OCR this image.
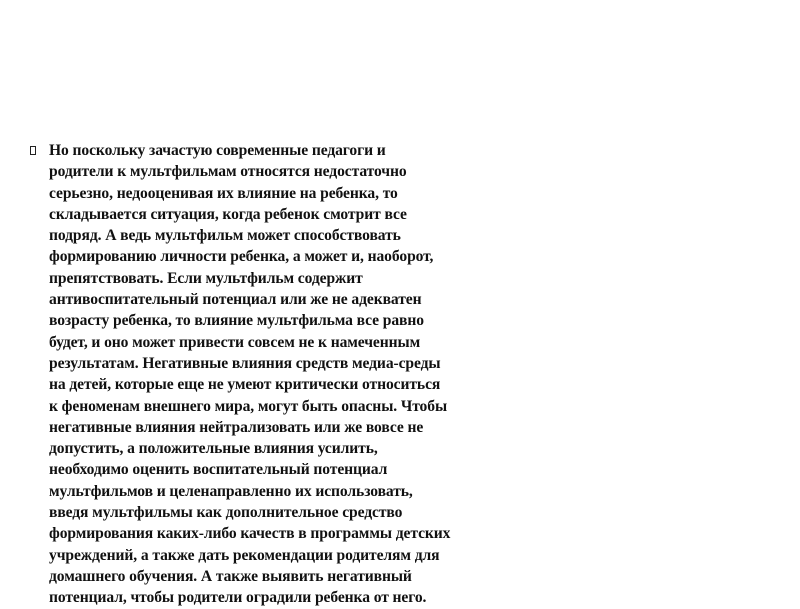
Но поскольку зачастую современные педагоги и
родители к мультфильмам относятся недостаточно
серьезно, недооценивая их влияние на ребенка, то
складывается ситуация, когда ребенок смотрит все
подряд. А ведь мультфильм может способствовать
формированию личности ребенка, а может и, наоборот,
препятствовать. Если мультфильм содержит
антивоспитательный потенциал или же не адекватен
возрасту ребенка, то влияние мультфильма все равно
будет, и оно может привести совсем не к намеченным
результатам. Негативные влияния средств медиа-среды
на детей, которые еще не умеют критически относиться
к феноменам внешнего мира, могут быть опасны. Чтобы
негативные влияния нейтрализовать или же вовсе не
допустить, а положительные влияния усилить,
необходимо оценить воспитательный потенциал
мультфильмов и целенаправленно их использовать,
введя мультфильмы как дополнительное средство
формирования каких-либо качеств в программы детских
учреждений, а также дать рекомендации родителям для
домашнего обучения. А также выявить негативный
потенциал, чтобы родители оградили ребенка от него.
